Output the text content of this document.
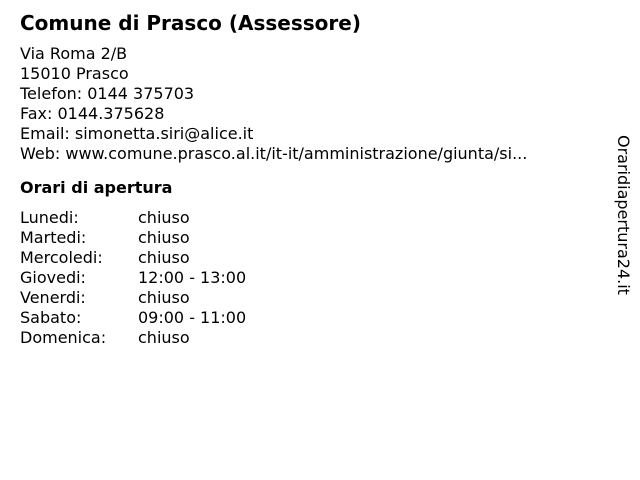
Comune di Prasco (Assessore)
Via Roma 2/B
15010 Prasco
Telefon: 0144 375703
Fax: 0144.375628
Email: simonetta.siri@alice.it
Web: www.comune.prasco.al.it/it-it/amministrazione/giunta/si...
Orari di apertura
Lunedi:	chiuso
Martedi:	chiuso
Mercoledi:	chiuso
Giovedi:	12:00 - 13:00
Venerdi:	chiuso
Sabato:	09:00 - 11:00
Domenica:	chiuso
Oraridiapertura24.it
